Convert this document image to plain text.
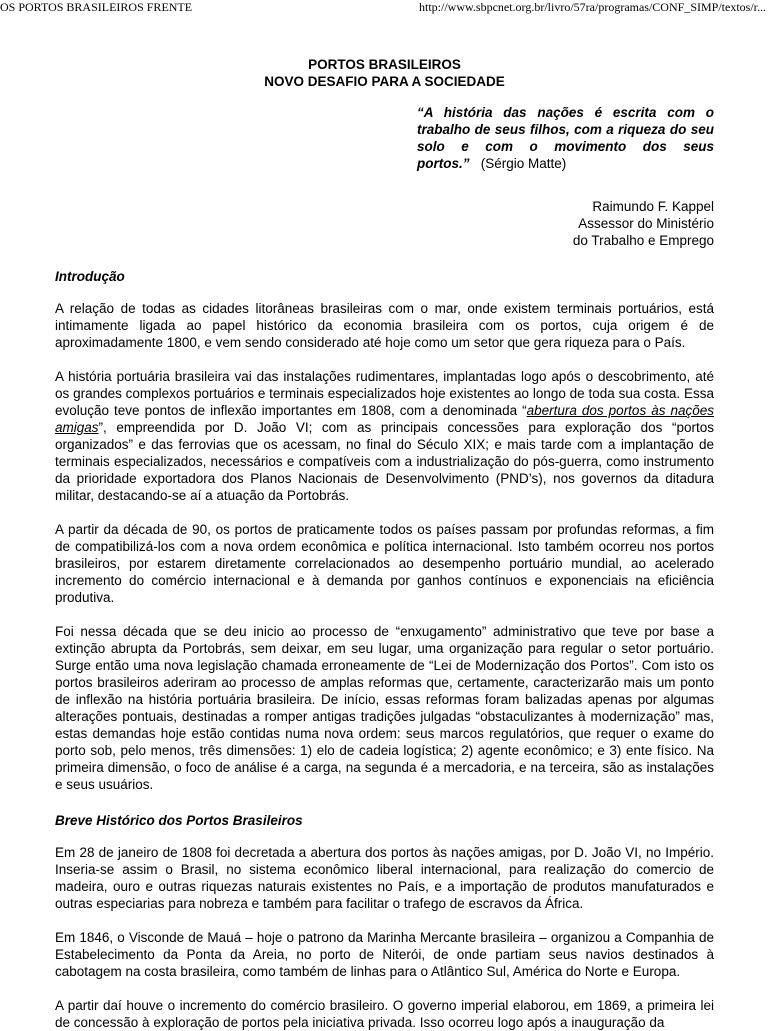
OS PORTOS BRASILEIROS FRENTE	http://www.sbpcnet.org.br/livro/57ra/programas/CONF_SIMP/textos/r...
PORTOS BRASILEIROS
NOVO DESAFIO PARA A SOCIEDADE
“A história das nações é escrita com o trabalho de seus filhos, com a riqueza do seu solo e com o movimento dos seus portos.” (Sérgio Matte)
Raimundo F. Kappel
Assessor do Ministério
do Trabalho e Emprego
Introdução

A relação de todas as cidades litorâneas brasileiras com o mar, onde existem terminais portuários, está intimamente ligada ao papel histórico da economia brasileira com os portos, cuja origem é de aproximadamente 1800, e vem sendo considerado até hoje como um setor que gera riqueza para o País.

A história portuária brasileira vai das instalações rudimentares, implantadas logo após o descobrimento, até os grandes complexos portuários e terminais especializados hoje existentes ao longo de toda sua costa. Essa evolução teve pontos de inflexão importantes em 1808, com a denominada “abertura dos portos às nações amigas”, empreendida por D. João VI; com as principais concessões para exploração dos “portos organizados” e das ferrovias que os acessam, no final do Século XIX; e mais tarde com a implantação de terminais especializados, necessários e compatíveis com a industrialização do pós-guerra, como instrumento da prioridade exportadora dos Planos Nacionais de Desenvolvimento (PND’s), nos governos da ditadura militar, destacando-se aí a atuação da Portobrás.

A partir da década de 90, os portos de praticamente todos os países passam por profundas reformas, a fim de compatibilizá-los com a nova ordem econômica e política internacional. Isto também ocorreu nos portos brasileiros, por estarem diretamente correlacionados ao desempenho portuário mundial, ao acelerado incremento do comércio internacional e à demanda por ganhos contínuos e exponenciais na eficiência produtiva.

Foi nessa década que se deu inicio ao processo de “enxugamento” administrativo que teve por base a extinção abrupta da Portobrás, sem deixar, em seu lugar, uma organização para regular o setor portuário. Surge então uma nova legislação chamada erroneamente de “Lei de Modernização dos Portos”. Com isto os portos brasileiros aderiram ao processo de amplas reformas que, certamente, caracterizarão mais um ponto de inflexão na história portuária brasileira. De início, essas reformas foram balizadas apenas por algumas alterações pontuais, destinadas a romper antigas tradições julgadas “obstaculizantes à modernização” mas, estas demandas hoje estão contidas numa nova ordem: seus marcos regulatórios, que requer o exame do porto sob, pelo menos, três dimensões: 1) elo de cadeia logística; 2) agente econômico; e 3) ente físico. Na primeira dimensão, o foco de análise é a carga, na segunda é a mercadoria, e na terceira, são as instalações e seus usuários.

Breve Histórico dos Portos Brasileiros

Em 28 de janeiro de 1808 foi decretada a abertura dos portos às nações amigas, por D. João VI, no Império. Inseria-se assim o Brasil, no sistema econômico liberal internacional, para realização do comercio de madeira, ouro e outras riquezas naturais existentes no País, e a importação de produtos manufaturados e outras especiarias para nobreza e também para facilitar o trafego de escravos da África.

Em 1846, o Visconde de Mauá – hoje o patrono da Marinha Mercante brasileira – organizou a Companhia de Estabelecimento da Ponta da Areia, no porto de Niterói, de onde partiam seus navios destinados à cabotagem na costa brasileira, como também de linhas para o Atlântico Sul, América do Norte e Europa.

A partir daí houve o incremento do comércio brasileiro. O governo imperial elaborou, em 1869, a primeira lei de concessão à exploração de portos pela iniciativa privada. Isso ocorreu logo após a inauguração da
